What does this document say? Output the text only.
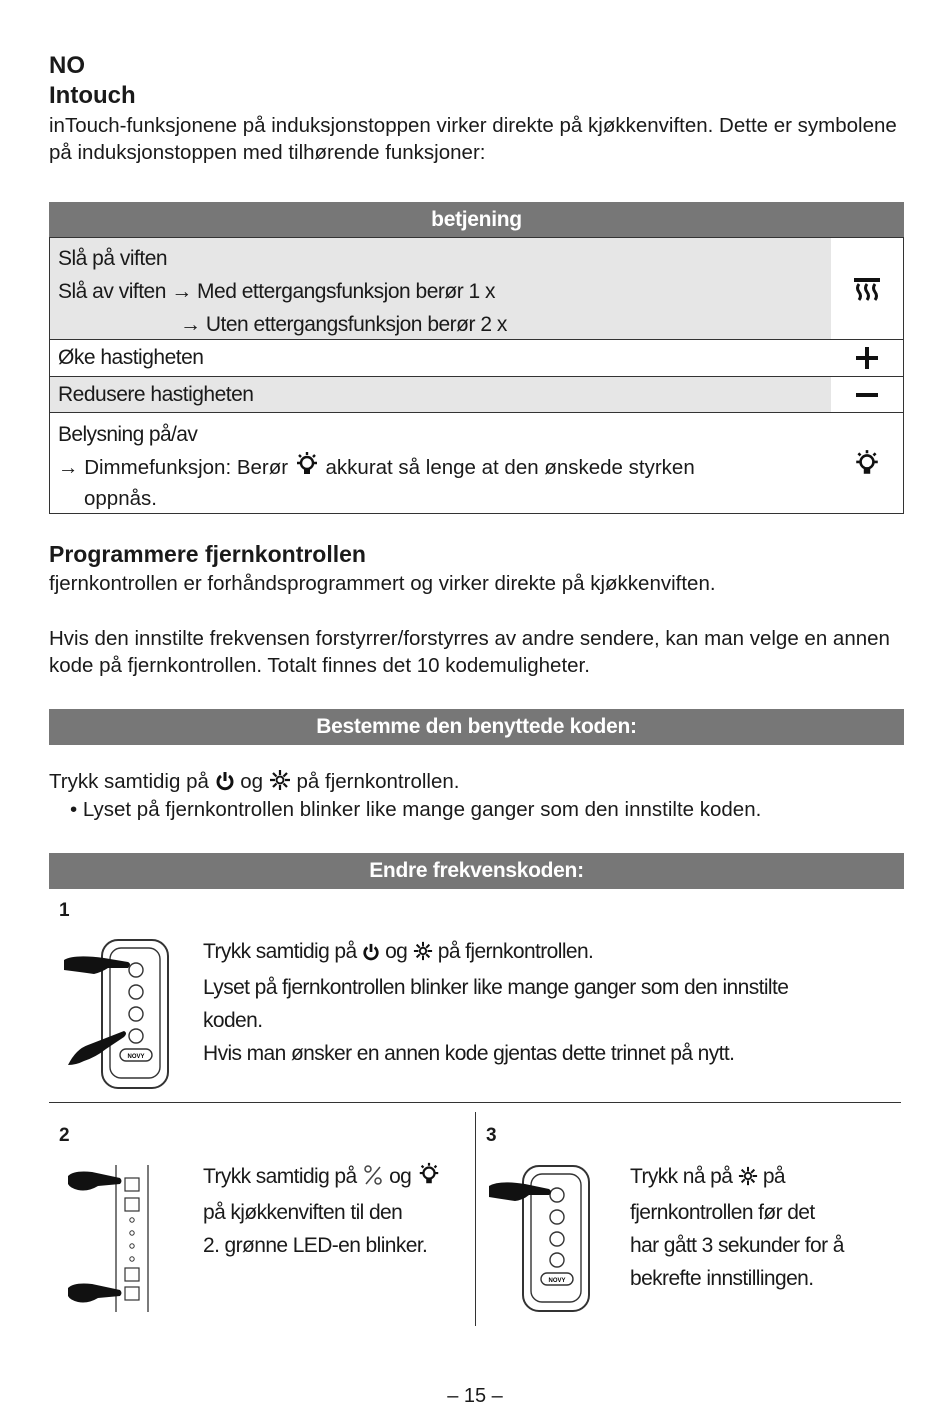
NO
Intouch
inTouch-funksjonene på induksjonstoppen virker direkte på kjøkkenviften. Dette er symbolene på induksjonstoppen med tilhørende funksjoner:
betjening
Slå på viften
Slå av viften → Med ettergangsfunksjon berør 1 x
→ Uten ettergangsfunksjon berør 2 x
Øke hastigheten
Redusere hastigheten
Belysning på/av
→ Dimmefunksjon: Berør akkurat så lenge at den ønskede styrken
oppnås.
Programmere fjernkontrollen
fjernkontrollen er forhåndsprogrammert og virker direkte på kjøkkenviften.
Hvis den innstilte frekvensen forstyrrer/forstyrres av andre sendere, kan man velge en annen kode på fjernkontrollen. Totalt finnes det 10 kodemuligheter.
Bestemme den benyttede koden:
Trykk samtidig på og på fjernkontrollen.
• Lyset på fjernkontrollen blinker like mange ganger som den innstilte koden.
Endre frekvenskoden:
1
NOVY
Trykk samtidig på og på fjernkontrollen.
Lyset på fjernkontrollen blinker like mange ganger som den innstilte
koden.
Hvis man ønsker en annen kode gjentas dette trinnet på nytt.
2
Trykk samtidig på og
på kjøkkenviften til den
2. grønne LED-en blinker.
3
NOVY
Trykk nå på på
fjernkontrollen før det
har gått 3 sekunder for å
bekrefte innstillingen.
– 15 –
